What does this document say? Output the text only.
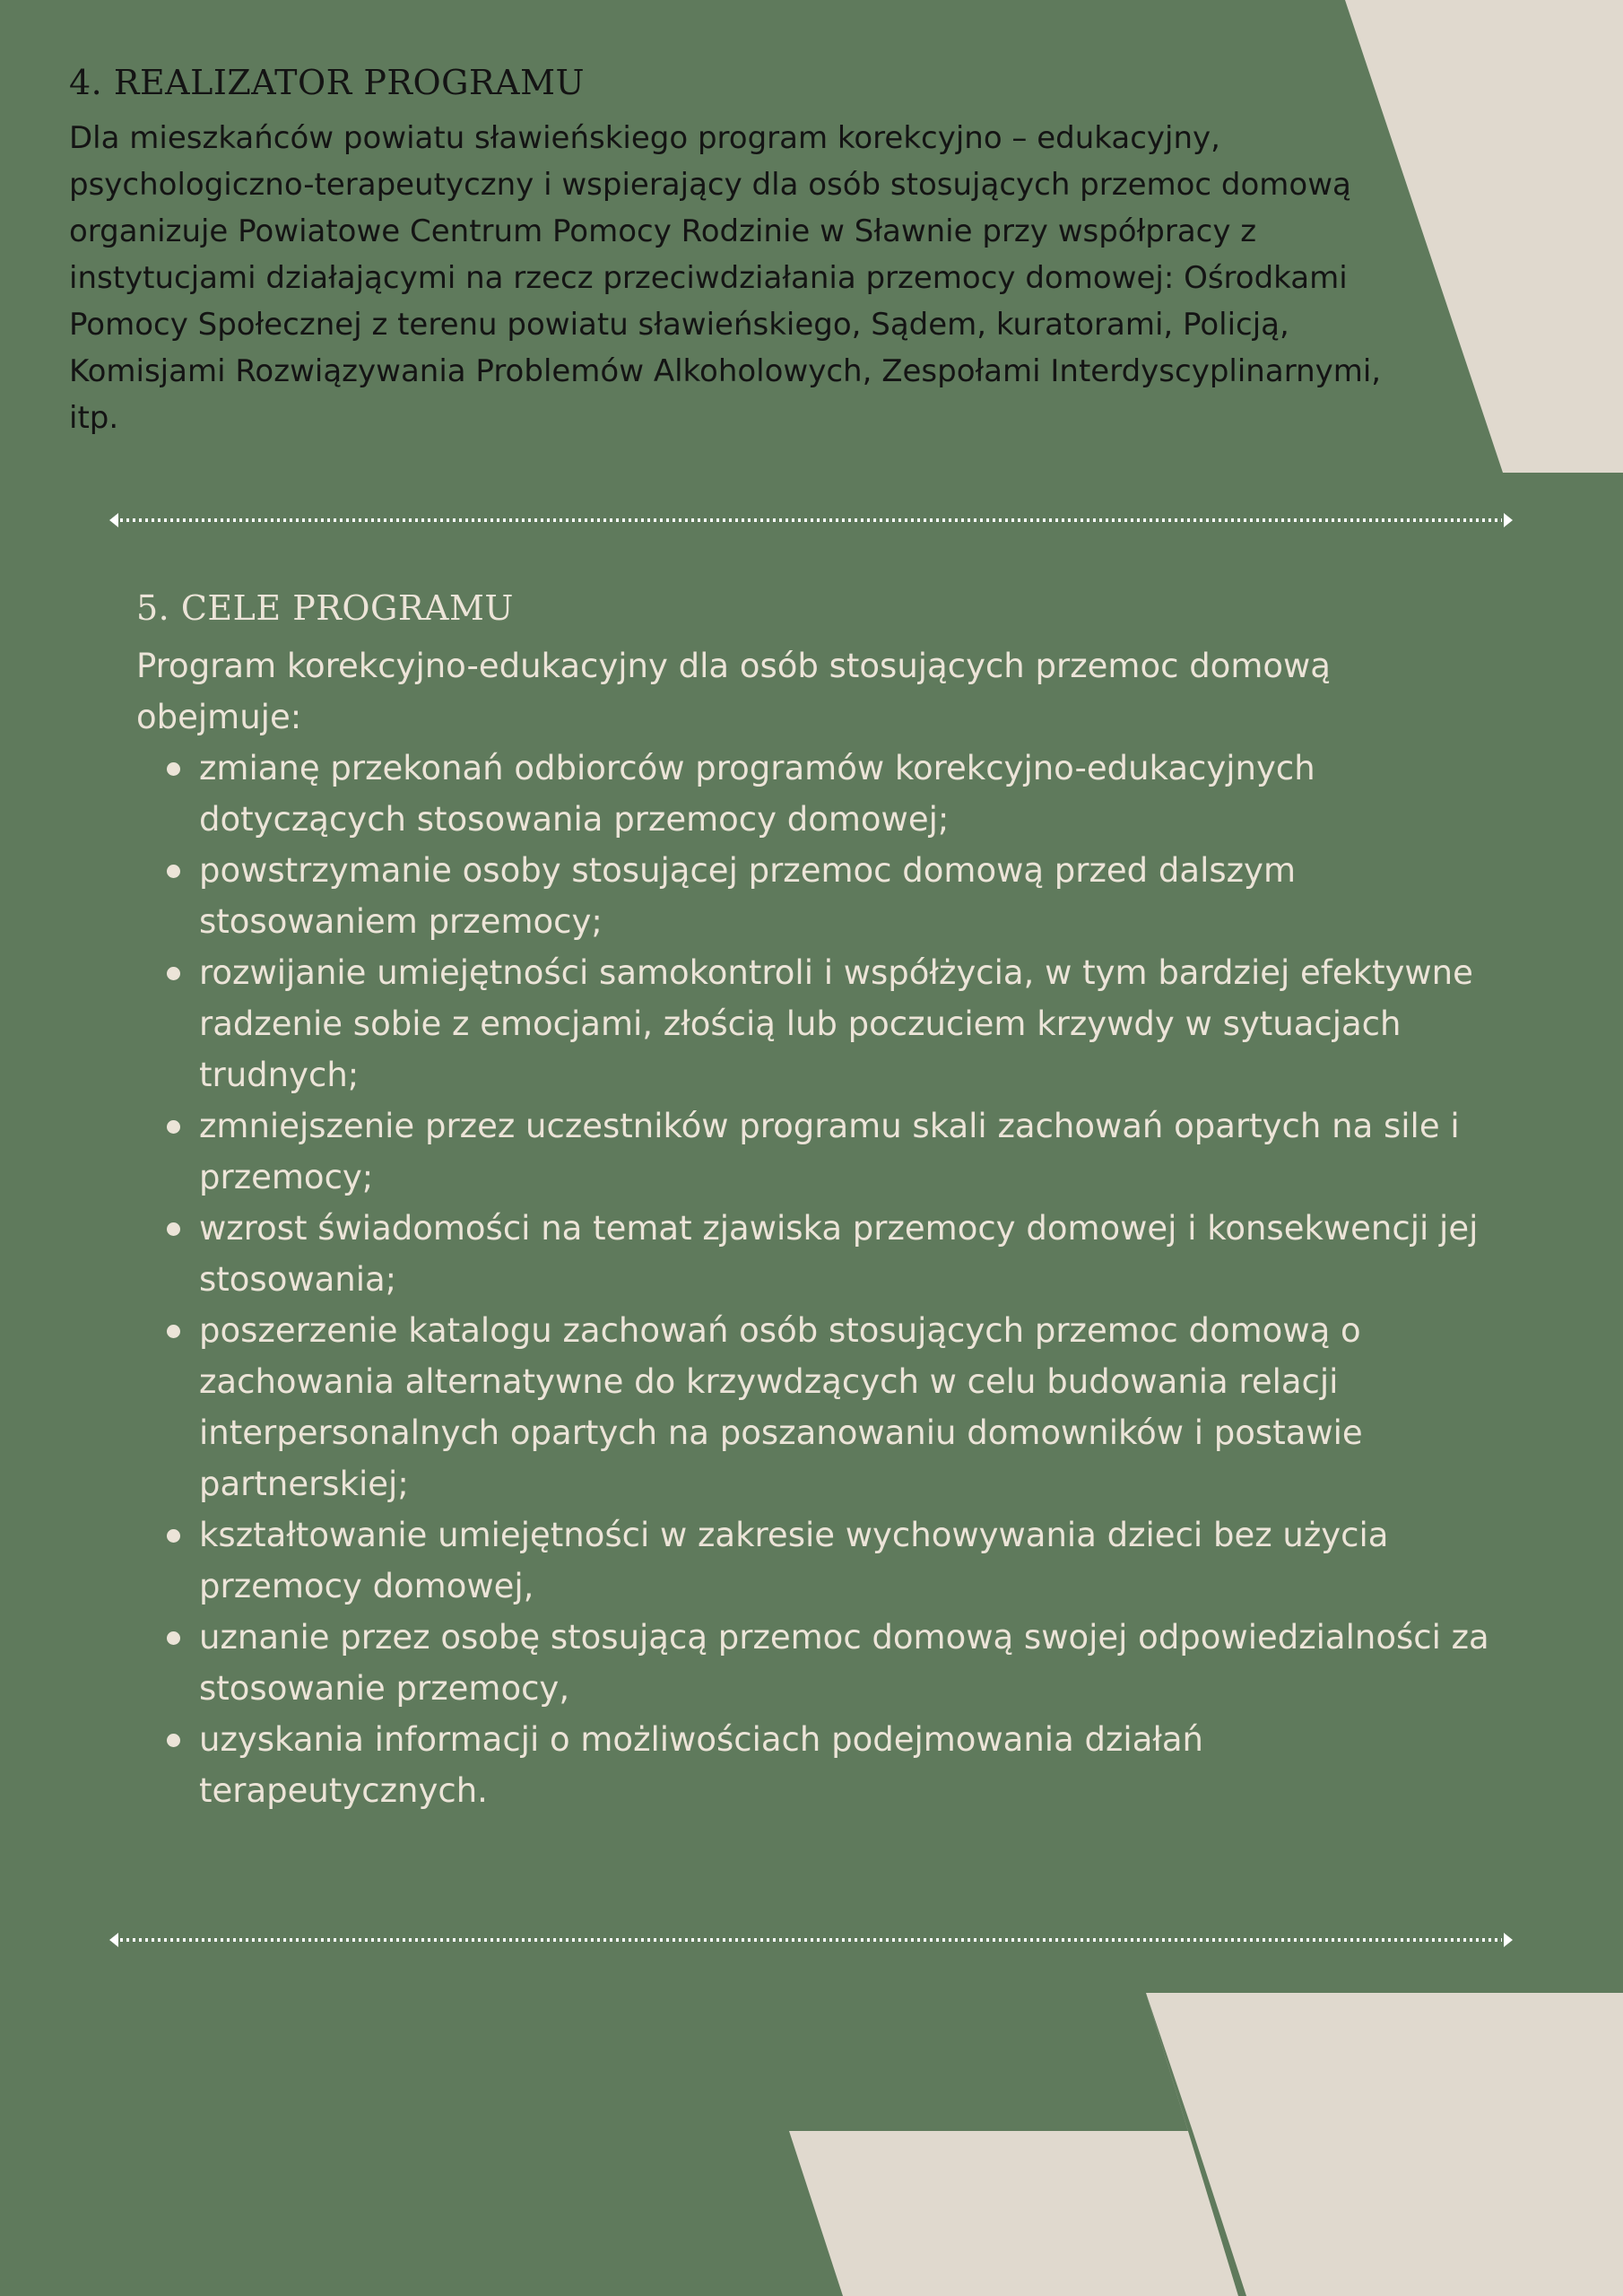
4. REALIZATOR PROGRAMU

Dla mieszkańców powiatu sławieńskiego program korekcyjno – edukacyjny, psychologiczno-terapeutyczny i wspierający dla osób stosujących przemoc domową organizuje Powiatowe Centrum Pomocy Rodzinie w Sławnie przy współpracy z instytucjami działającymi na rzecz przeciwdziałania przemocy domowej: Ośrodkami Pomocy Społecznej z terenu powiatu sławieńskiego, Sądem, kuratorami, Policją, Komisjami Rozwiązywania Problemów Alkoholowych, Zespołami Interdyscyplinarnymi, itp.

5. CELE PROGRAMU

Program korekcyjno-edukacyjny dla osób stosujących przemoc domową obejmuje:

zmianę przekonań odbiorców programów korekcyjno-edukacyjnych dotyczących stosowania przemocy domowej;
powstrzymanie osoby stosującej przemoc domową przed dalszym stosowaniem przemocy;
rozwijanie umiejętności samokontroli i współżycia, w tym bardziej efektywne radzenie sobie z emocjami, złością lub poczuciem krzywdy w sytuacjach trudnych;
zmniejszenie przez uczestników programu skali zachowań opartych na sile i przemocy;
wzrost świadomości na temat zjawiska przemocy domowej i konsekwencji jej stosowania;
poszerzenie katalogu zachowań osób stosujących przemoc domową o zachowania alternatywne do krzywdzących w celu budowania relacji interpersonalnych opartych na poszanowaniu domowników i postawie partnerskiej;
kształtowanie umiejętności w zakresie wychowywania dzieci bez użycia przemocy domowej,
uznanie przez osobę stosującą przemoc domową swojej odpowiedzialności za stosowanie przemocy,
uzyskania informacji o możliwościach podejmowania działań terapeutycznych.
